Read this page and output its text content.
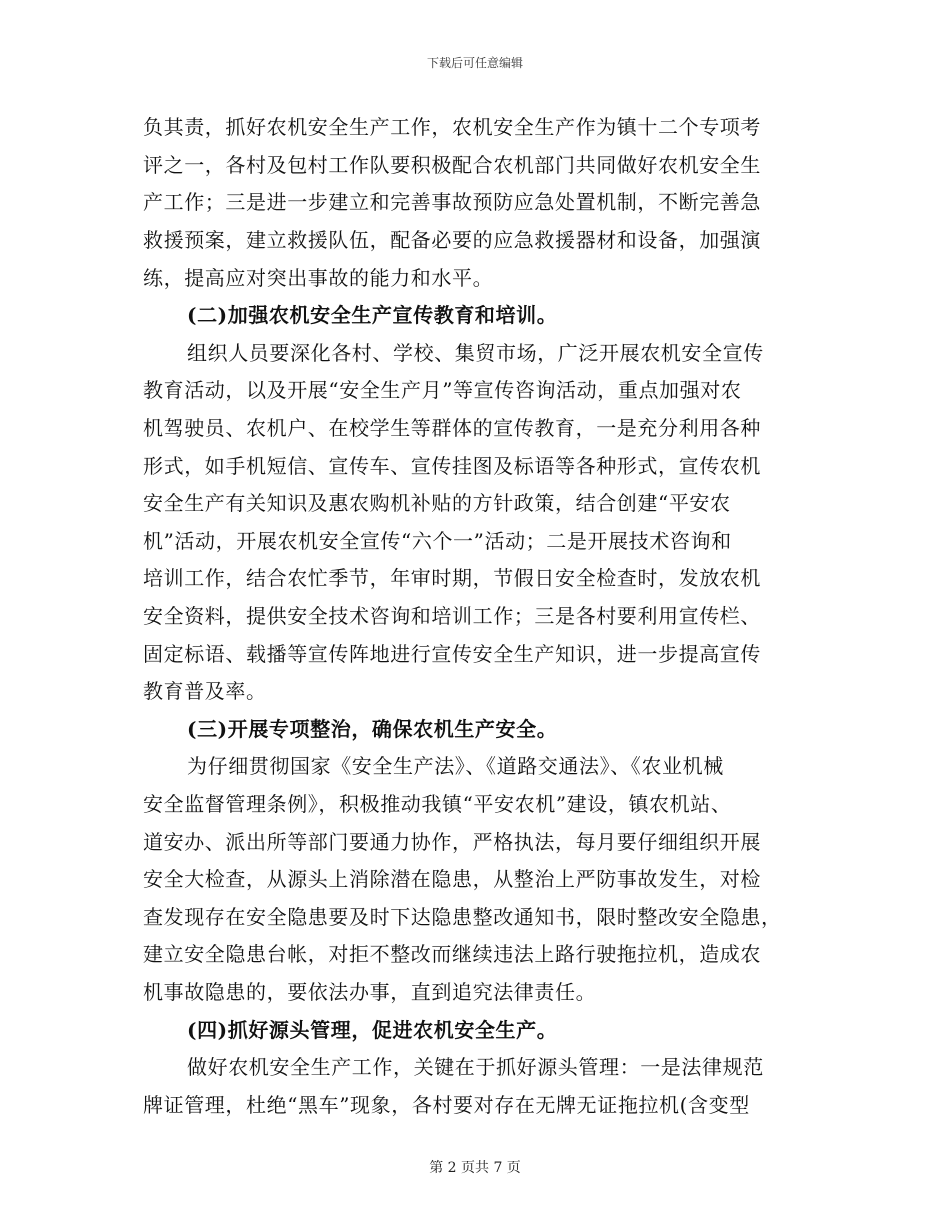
下载后可任意编辑
负其责，抓好农机安全生产工作，农机安全生产作为镇十二个专项考
评之一，各村及包村工作队要积极配合农机部门共同做好农机安全生
产工作；三是进一步建立和完善事故预防应急处置机制，不断完善急
救援预案，建立救援队伍，配备必要的应急救援器材和设备，加强演
练，提高应对突出事故的能力和水平。
(二)加强农机安全生产宣传教育和培训。
组织人员要深化各村、学校、集贸市场，广泛开展农机安全宣传
教育活动，以及开展“安全生产月”等宣传咨询活动，重点加强对农
机驾驶员、农机户、在校学生等群体的宣传教育，一是充分利用各种
形式，如手机短信、宣传车、宣传挂图及标语等各种形式，宣传农机
安全生产有关知识及惠农购机补贴的方针政策，结合创建“平安农
机”活动，开展农机安全宣传“六个一”活动；二是开展技术咨询和
培训工作，结合农忙季节，年审时期，节假日安全检查时，发放农机
安全资料，提供安全技术咨询和培训工作；三是各村要利用宣传栏、
固定标语、载播等宣传阵地进行宣传安全生产知识，进一步提高宣传
教育普及率。
(三)开展专项整治，确保农机生产安全。
为仔细贯彻国家《安全生产法》、《道路交通法》、《农业机械
安全监督管理条例》，积极推动我镇“平安农机”建设，镇农机站、
道安办、派出所等部门要通力协作，严格执法，每月要仔细组织开展
安全大检查，从源头上消除潜在隐患，从整治上严防事故发生，对检
查发现存在安全隐患要及时下达隐患整改通知书，限时整改安全隐患，
建立安全隐患台帐，对拒不整改而继续违法上路行驶拖拉机，造成农
机事故隐患的，要依法办事，直到追究法律责任。
(四)抓好源头管理，促进农机安全生产。
做好农机安全生产工作，关键在于抓好源头管理：一是法律规范
牌证管理，杜绝“黑车”现象，各村要对存在无牌无证拖拉机(含变型
第 2 页共 7 页
